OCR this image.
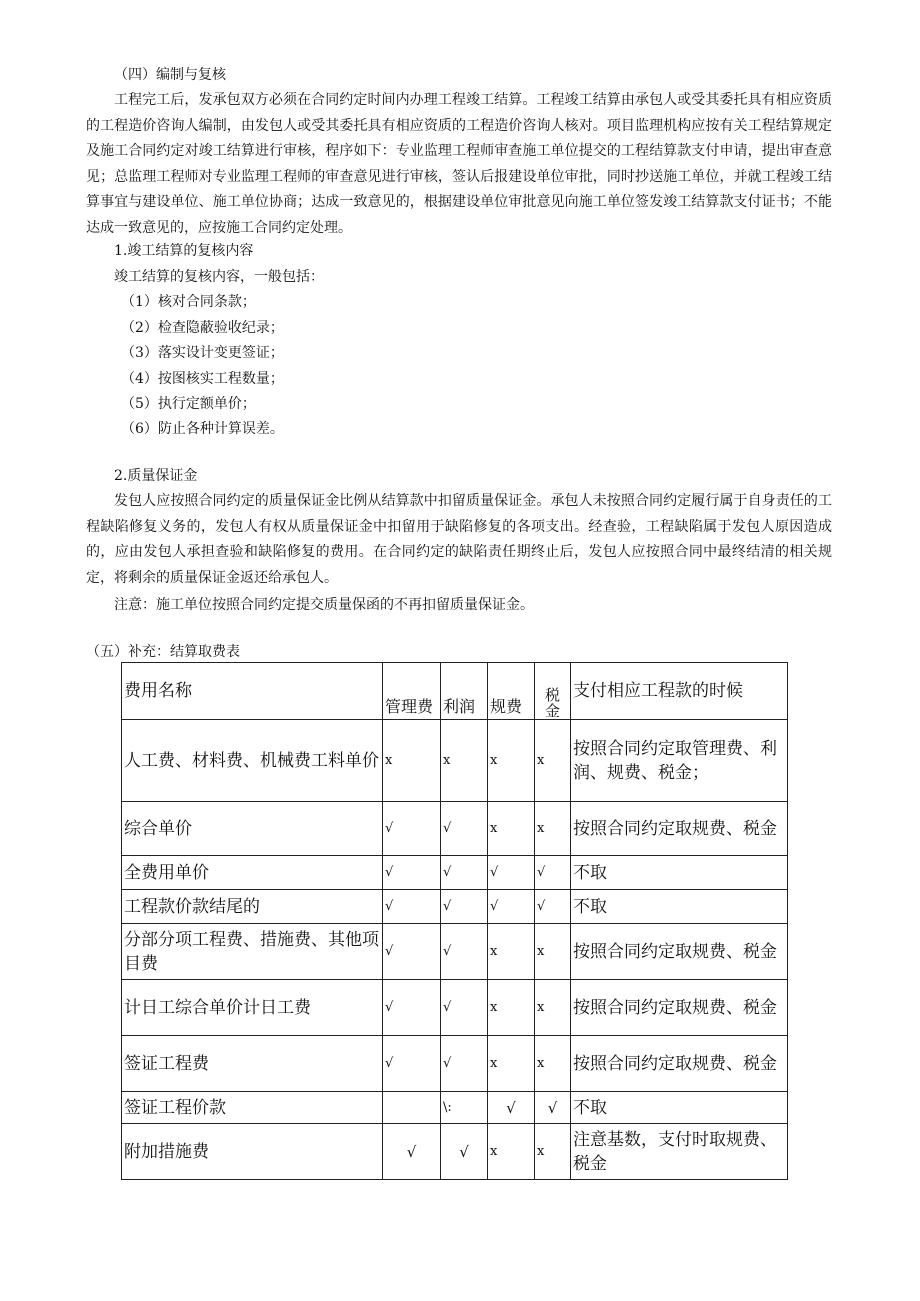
（四）编制与复核
工程完工后，发承包双方必须在合同约定时间内办理工程竣工结算。工程竣工结算由承包人或受其委托具有相应资质的工程造价咨询人编制，由发包人或受其委托具有相应资质的工程造价咨询人核对。项目监理机构应按有关工程结算规定及施工合同约定对竣工结算进行审核，程序如下：专业监理工程师审查施工单位提交的工程结算款支付申请，提出审查意见；总监理工程师对专业监理工程师的审查意见进行审核，签认后报建设单位审批，同时抄送施工单位，并就工程竣工结算事宜与建设单位、施工单位协商；达成一致意见的，根据建设单位审批意见向施工单位签发竣工结算款支付证书；不能达成一致意见的，应按施工合同约定处理。
1.竣工结算的复核内容
竣工结算的复核内容，一般包括：
（1）核对合同条款；
（2）检查隐蔽验收纪录；
（3）落实设计变更签证；
（4）按图核实工程数量；
（5）执行定额单价；
（6）防止各种计算误差。
2.质量保证金
发包人应按照合同约定的质量保证金比例从结算款中扣留质量保证金。承包人未按照合同约定履行属于自身责任的工程缺陷修复义务的，发包人有权从质量保证金中扣留用于缺陷修复的各项支出。经查验，工程缺陷属于发包人原因造成的，应由发包人承担查验和缺陷修复的费用。在合同约定的缺陷责任期终止后，发包人应按照合同中最终结清的相关规定，将剩余的质量保证金返还给承包人。
注意：施工单位按照合同约定提交质量保函的不再扣留质量保证金。
（五）补充：结算取费表
费用名称	管理费	利润	规费	税金	支付相应工程款的时候
人工费、材料费、机械费工料单价	x	x	x	x	按照合同约定取管理费、利润、规费、税金；
综合单价	√	√	x	x	按照合同约定取规费、税金
全费用单价	√	√	√	√	不取
工程款价款结尾的	√	√	√	√	不取
分部分项工程费、措施费、其他项目费	√	√	x	x	按照合同约定取规费、税金
计日工综合单价计日工费	√	√	x	x	按照合同约定取规费、税金
签证工程费	√	√	x	x	按照合同约定取规费、税金
签证工程价款		\:	√	√	不取
附加措施费	√	√	x	x	注意基数，支付时取规费、税金
